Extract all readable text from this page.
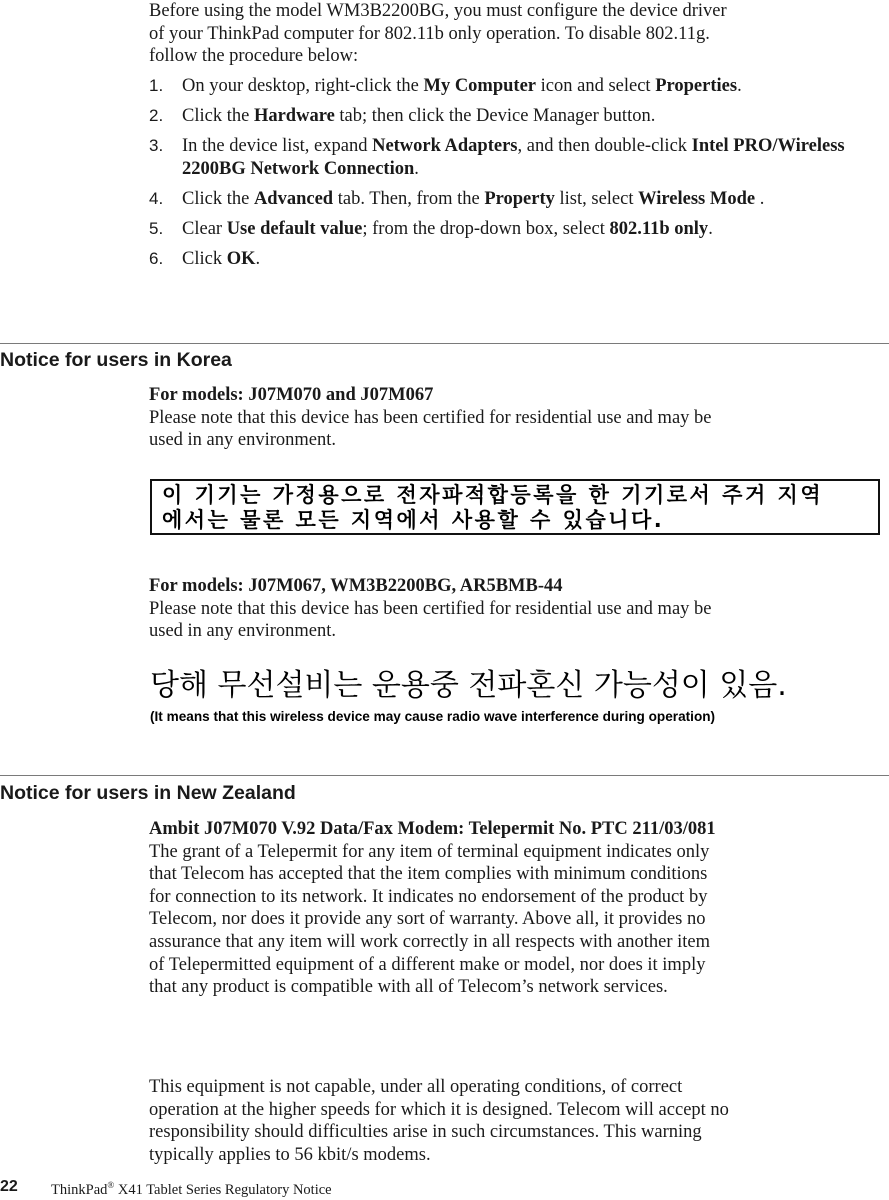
Before using the model WM3B2200BG, you must configure the device driver
of your ThinkPad computer for 802.11b only operation. To disable 802.11g.
follow the procedure below:
1. On your desktop, right-click the My Computer icon and select Properties.
2. Click the Hardware tab; then click the Device Manager button.
3. In the device list, expand Network Adapters, and then double-click Intel PRO/Wireless 2200BG Network Connection.
4. Click the Advanced tab. Then, from the Property list, select Wireless Mode .
5. Clear Use default value; from the drop-down box, select 802.11b only.
6. Click OK.
Notice for users in Korea
For models: J07M070 and J07M067
Please note that this device has been certified for residential use and may be
used in any environment.
이 기기는 가정용으로 전자파적합등록을 한 기기로서 주거 지역
에서는 물론 모든 지역에서 사용할 수 있습니다.
For models: J07M067, WM3B2200BG, AR5BMB-44
Please note that this device has been certified for residential use and may be
used in any environment.
당해 무선설비는 운용중 전파혼신 가능성이 있음.
(It means that this wireless device may cause radio wave interference during operation)
Notice for users in New Zealand
Ambit J07M070 V.92 Data/Fax Modem: Telepermit No. PTC 211/03/081
The grant of a Telepermit for any item of terminal equipment indicates only
that Telecom has accepted that the item complies with minimum conditions
for connection to its network. It indicates no endorsement of the product by
Telecom, nor does it provide any sort of warranty. Above all, it provides no
assurance that any item will work correctly in all respects with another item
of Telepermitted equipment of a different make or model, nor does it imply
that any product is compatible with all of Telecom’s network services.
This equipment is not capable, under all operating conditions, of correct
operation at the higher speeds for which it is designed. Telecom will accept no
responsibility should difficulties arise in such circumstances. This warning
typically applies to 56 kbit/s modems.
22 ThinkPad® X41 Tablet Series Regulatory Notice
